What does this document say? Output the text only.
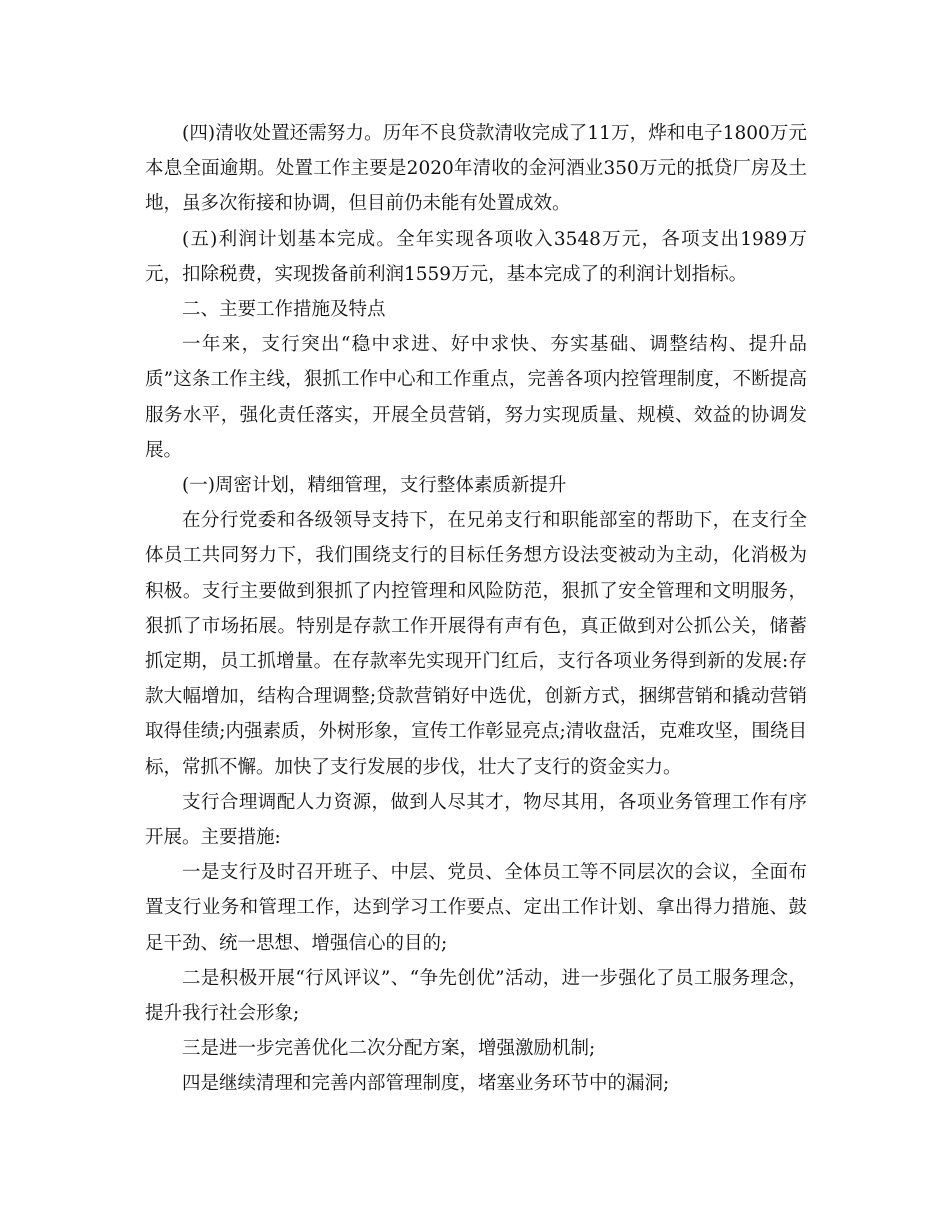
(四)清收处置还需努力。历年不良贷款清收完成了11万，烨和电子1800万元本息全面逾期。处置工作主要是2020年清收的金河酒业350万元的抵贷厂房及土地，虽多次衔接和协调，但目前仍未能有处置成效。

(五)利润计划基本完成。全年实现各项收入3548万元，各项支出1989万元，扣除税费，实现拨备前利润1559万元，基本完成了的利润计划指标。

二、主要工作措施及特点

一年来，支行突出“稳中求进、好中求快、夯实基础、调整结构、提升品质”这条工作主线，狠抓工作中心和工作重点，完善各项内控管理制度，不断提高服务水平，强化责任落实，开展全员营销，努力实现质量、规模、效益的协调发展。

(一)周密计划，精细管理，支行整体素质新提升

在分行党委和各级领导支持下，在兄弟支行和职能部室的帮助下，在支行全体员工共同努力下，我们围绕支行的目标任务想方设法变被动为主动，化消极为积极。支行主要做到狠抓了内控管理和风险防范，狠抓了安全管理和文明服务，狠抓了市场拓展。特别是存款工作开展得有声有色，真正做到对公抓公关，储蓄抓定期，员工抓增量。在存款率先实现开门红后，支行各项业务得到新的发展:存款大幅增加，结构合理调整;贷款营销好中选优，创新方式，捆绑营销和撬动营销取得佳绩;内强素质，外树形象，宣传工作彰显亮点;清收盘活，克难攻坚，围绕目标，常抓不懈。加快了支行发展的步伐，壮大了支行的资金实力。

支行合理调配人力资源，做到人尽其才，物尽其用，各项业务管理工作有序开展。主要措施:

一是支行及时召开班子、中层、党员、全体员工等不同层次的会议，全面布置支行业务和管理工作，达到学习工作要点、定出工作计划、拿出得力措施、鼓足干劲、统一思想、增强信心的目的;

二是积极开展“行风评议”、“争先创优”活动，进一步强化了员工服务理念，提升我行社会形象;

三是进一步完善优化二次分配方案，增强激励机制;

四是继续清理和完善内部管理制度，堵塞业务环节中的漏洞;
